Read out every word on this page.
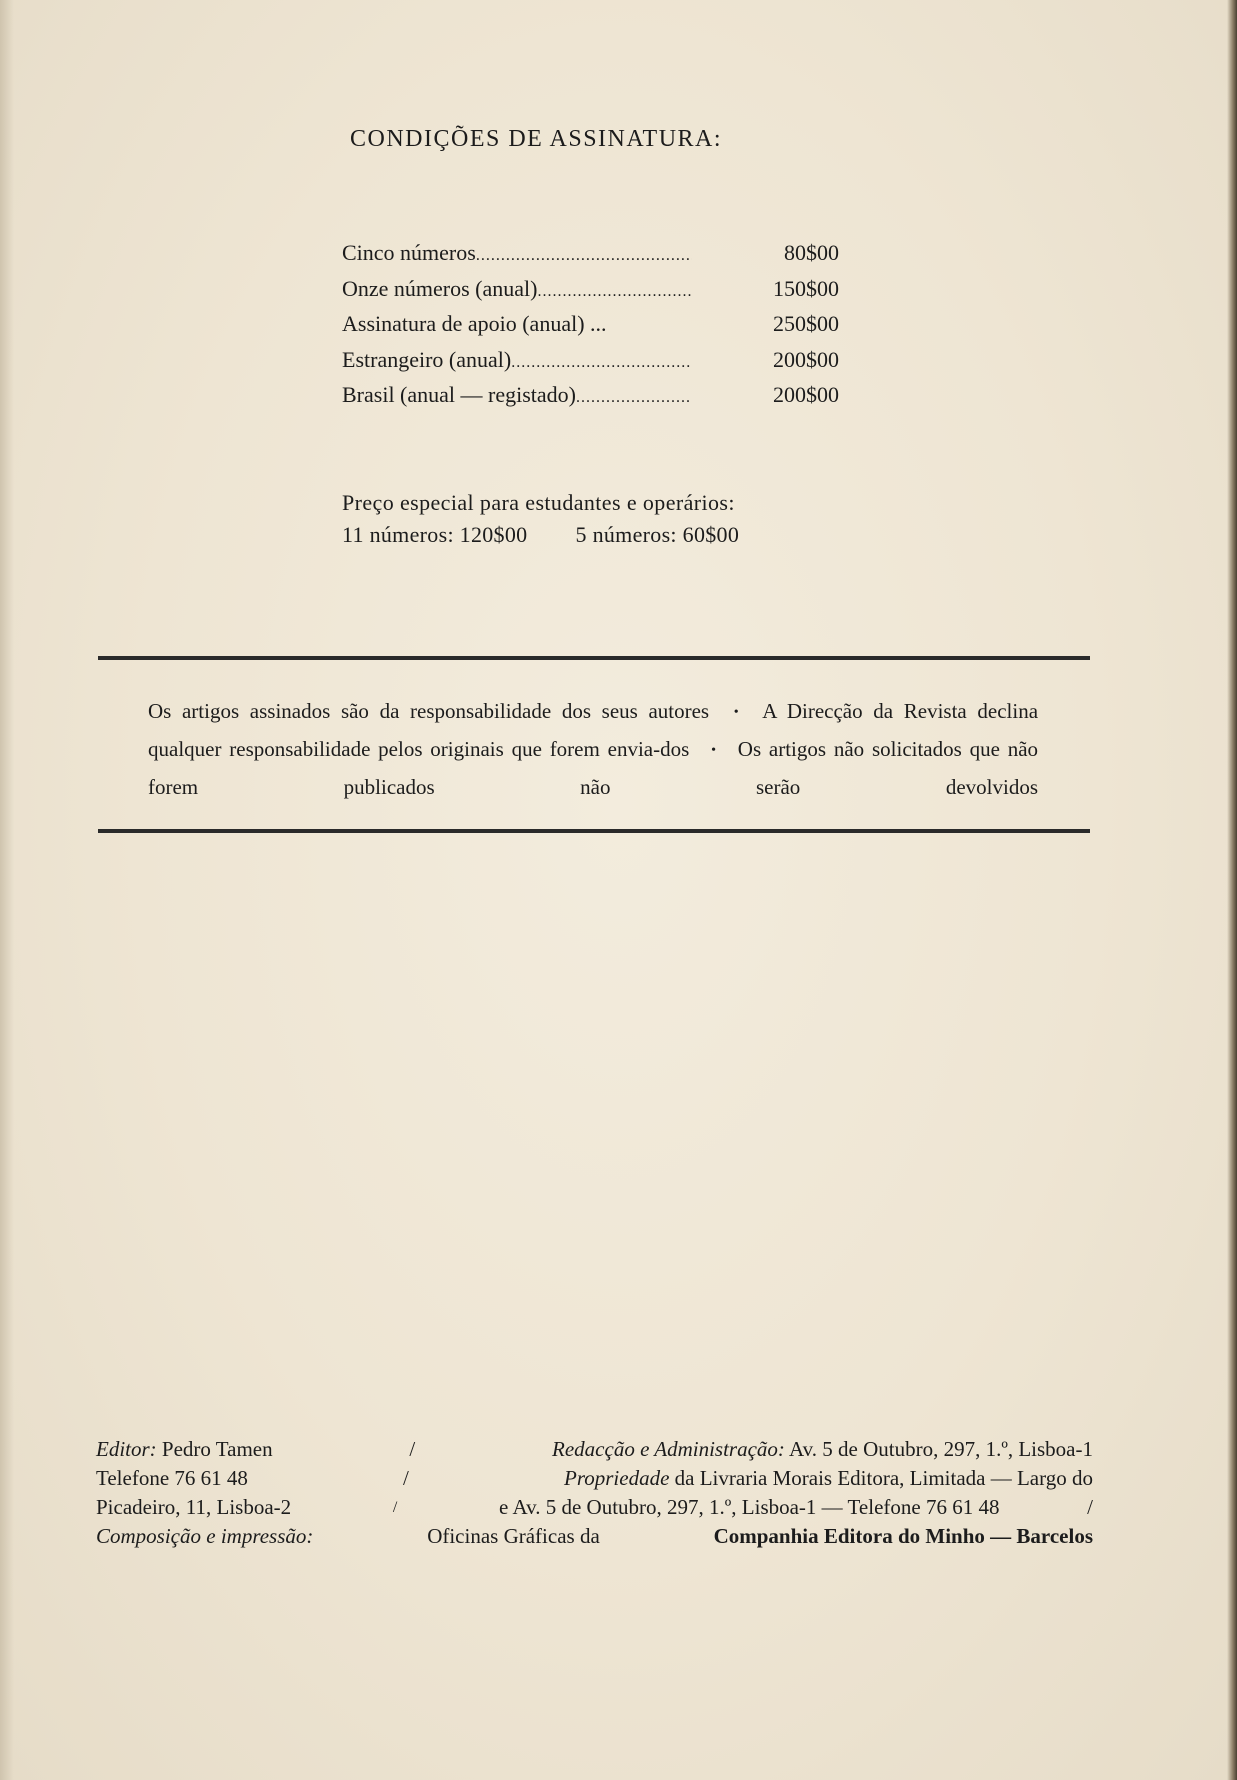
CONDIÇÕES DE ASSINATURA:
Cinco números .....	80$00
Onze números (anual) .....	150$00
Assinatura de apoio (anual) ...	250$00
Estrangeiro (anual) .....	200$00
Brasil (anual — registado) .....	200$00
Preço especial para estudantes e operários:
11 números: 120$00 5 números: 60$00
Os artigos assinados são da responsabilidade dos seus autores • A Direcção da Revista declina qualquer responsabilidade pelos originais que forem envia-dos • Os artigos não solicitados que não forem publicados não serão devolvidos
Editor: Pedro Tamen	/	Redacção e Administração: Av. 5 de Outubro, 297, 1.º, Lisboa-1
Telefone 76 61 48	/	Propriedade da Livraria Morais Editora, Limitada — Largo do
Picadeiro, 11, Lisboa-2	/	e Av. 5 de Outubro, 297, 1.º, Lisboa-1 — Telefone 76 61 48	/
Composição e impressão:	Oficinas Gráficas da	Companhia Editora do Minho — Barcelos
